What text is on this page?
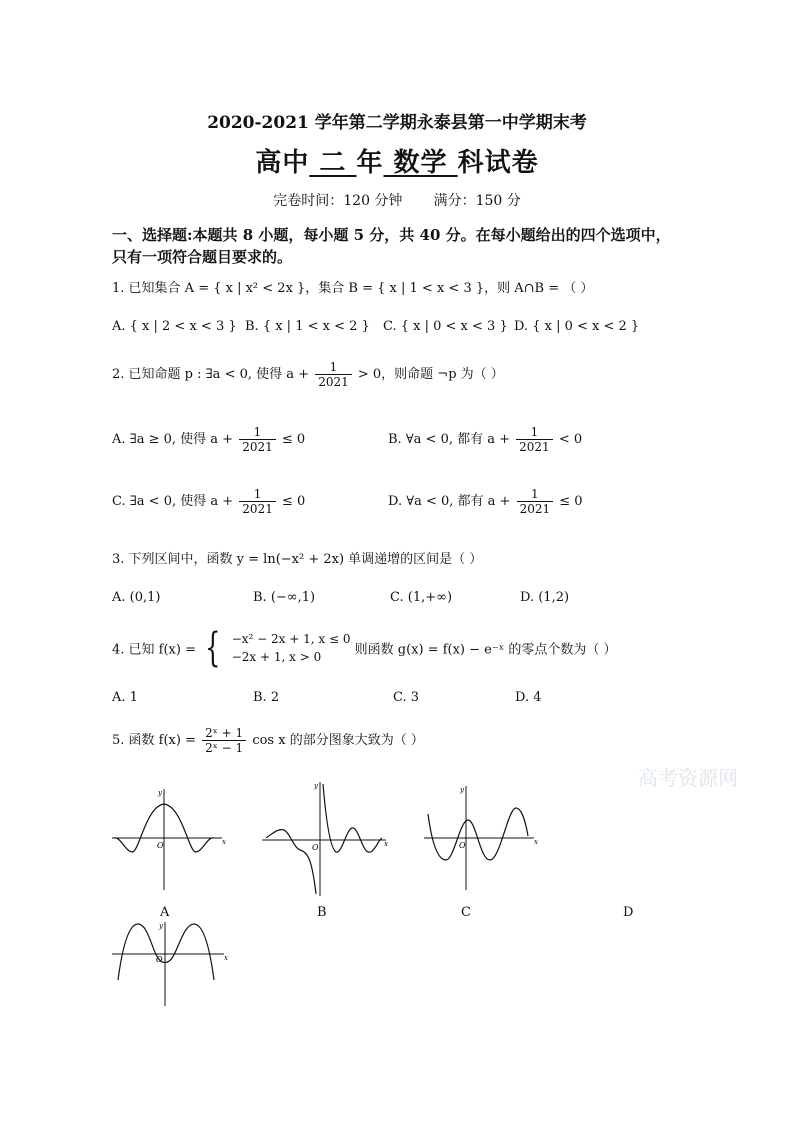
2020-2021 学年第二学期永泰县第一中学期末考
高中 二 年 数学 科试卷
完卷时间：120 分钟 满分：150 分
一、选择题:本题共 8 小题，每小题 5 分，共 40 分。在每小题给出的四个选项中，
只有一项符合题目要求的。
1. 已知集合 A = { x | x² < 2x }，集合 B = { x | 1 < x < 3 }，则 A∩B = （ ）
A. { x | 2 < x < 3 } B. { x | 1 < x < 2 } C. { x | 0 < x < 3 } D. { x | 0 < x < 2 }
2. 已知命题 p : ∃a < 0, 使得 $a + \frac{1}{2021} > 0$，则命题 ¬p 为（ ）
A. ∃a ≥ 0, 使得 $a + \frac{1}{2021} \le 0$	B. ∀a < 0, 都有 $a + \frac{1}{2021} < 0$
C. ∃a < 0, 使得 $a + \frac{1}{2021} \le 0$	D. ∀a < 0, 都有 $a + \frac{1}{2021} \le 0$
3. 下列区间中，函数 y = ln(−x² + 2x) 单调递增的区间是（ ）
A. (0,1)	B. (−∞,1)	C. (1,+∞)	D. (1,2)
4. 已知 f(x) = { −x² − 2x + 1, x ≤ 0
−2x + 1, x > 0	则函数 g(x) = f(x) − e⁻ˣ 的零点个数为（ ）
A. 1	B. 2	C. 3	D. 4
5. 函数 $f(x) = \frac{\text{2ˣ + 1}}{\text{2ˣ − 1}}$ cos x 的部分图象大致为（ ）
高考资源网
x
y
O	x
y
O
x
y
O
A	B	C	D
x
y
O
